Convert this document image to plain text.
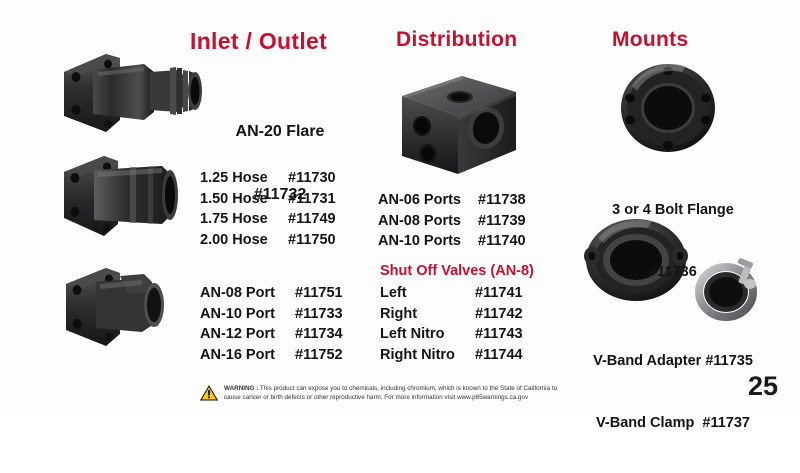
Inlet / Outlet	Distribution	Mounts

AN-20 Flare

#11732

1.25 Hose	#11730
1.50 Hose	#11731
1.75 Hose	#11749
2.00 Hose	#11750
AN-08 Port	#11751
AN-10 Port	#11733
AN-12 Port	#11734
AN-16 Port	#11752
AN-06 Ports	#11738
AN-08 Ports	#11739
AN-10 Ports	#11740
Shut Off Valves (AN-8)
Left	#11741
Right	#11742
Left Nitro	#11743
Right Nitro	#11744

3 or 4 Bolt Flange

#11736

V-Band Adapter #11735

V-Band Clamp  #11737

25
WARNING : This product can expose you to chemicals, including chromium, which is known to the State of California to
cause cancer or birth defects or other reproductive harm. For more information visit www.p65warnings.ca.gov
